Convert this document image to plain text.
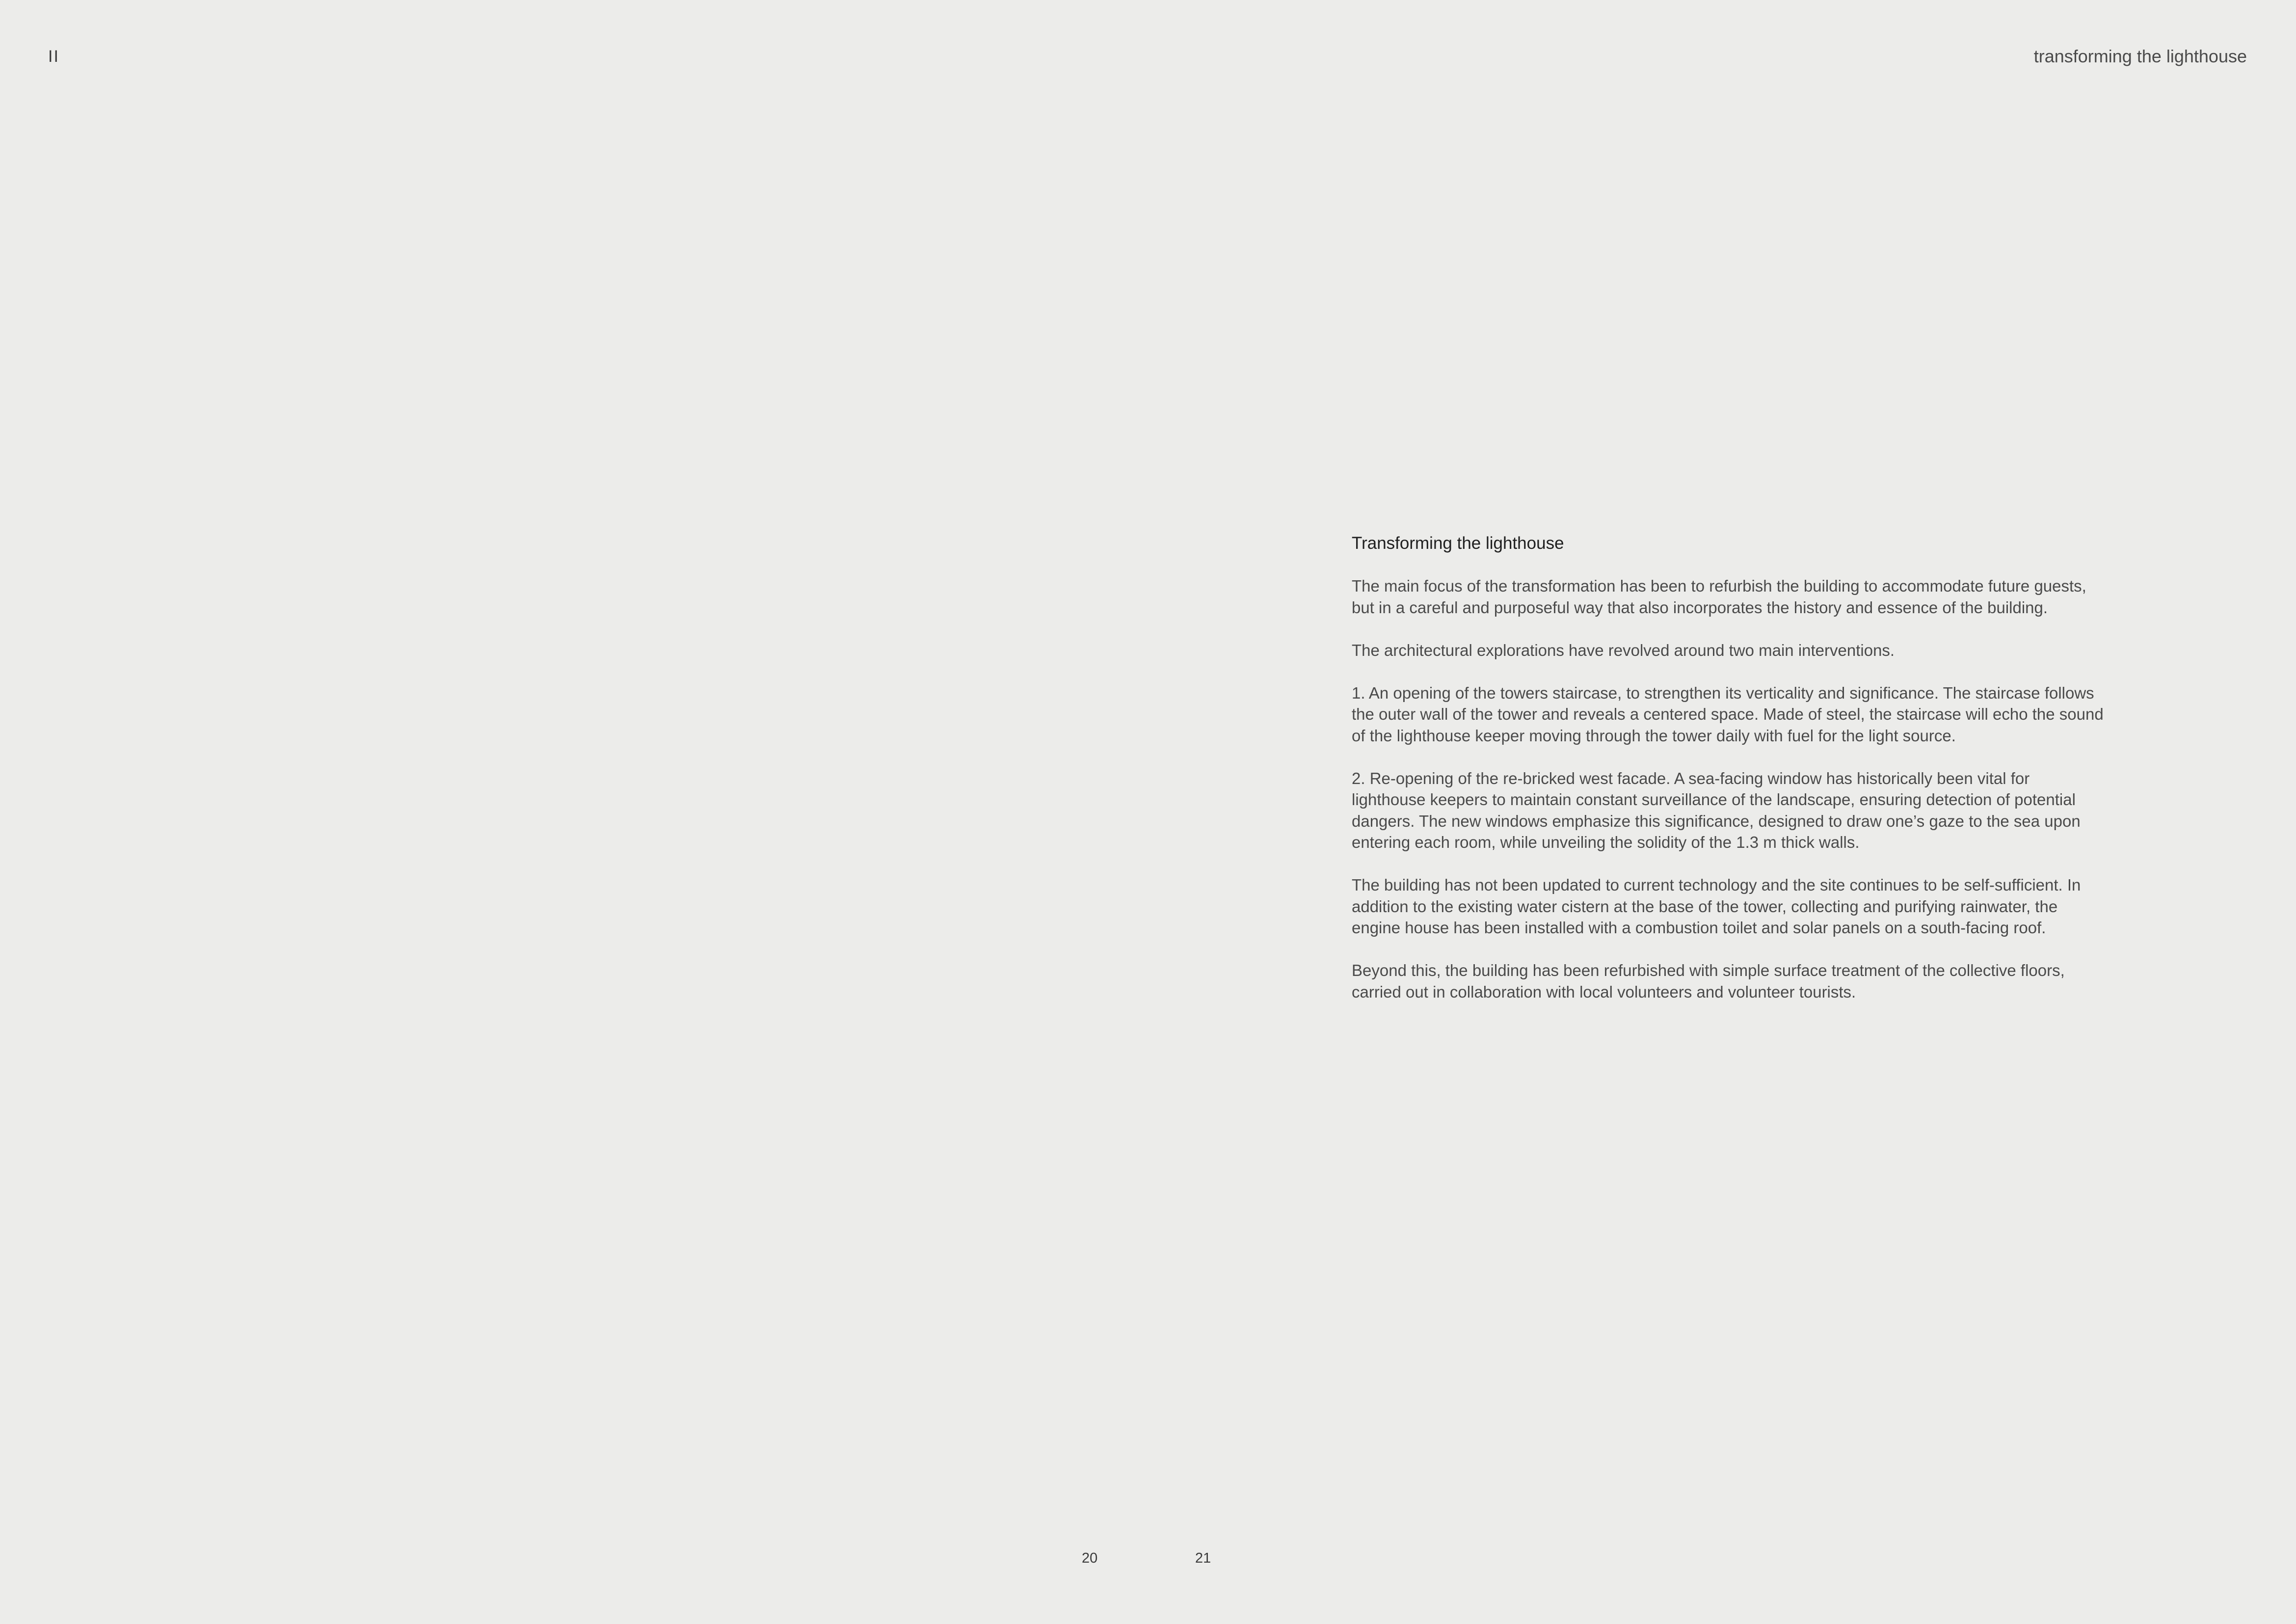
II
20
transforming the lighthouse
Transforming the lighthouse

The main focus of the transformation has been to refurbish the building to accommodate future guests, but in a careful and purposeful way that also incorporates the history and essence of the building.

The architectural explorations have revolved around two main interventions.

1. An opening of the towers staircase, to strengthen its verticality and significance. The staircase follows the outer wall of the tower and reveals a centered space. Made of steel, the staircase will echo the sound of the lighthouse keeper moving through the tower daily with fuel for the light source.

2. Re-opening of the re-bricked west facade. A sea-facing window has historically been vital for lighthouse keepers to maintain constant surveillance of the landscape, ensuring detection of potential dangers. The new windows emphasize this significance, designed to draw one’s gaze to the sea upon entering each room, while unveiling the solidity of the 1.3 m thick walls.

The building has not been updated to current technology and the site continues to be self-sufficient. In addition to the existing water cistern at the base of the tower, collecting and purifying rainwater, the engine house has been installed with a combustion toilet and solar panels on a south-facing roof.

Beyond this, the building has been refurbished with simple surface treatment of the collective floors, carried out in collaboration with local volunteers and volunteer tourists.

21
